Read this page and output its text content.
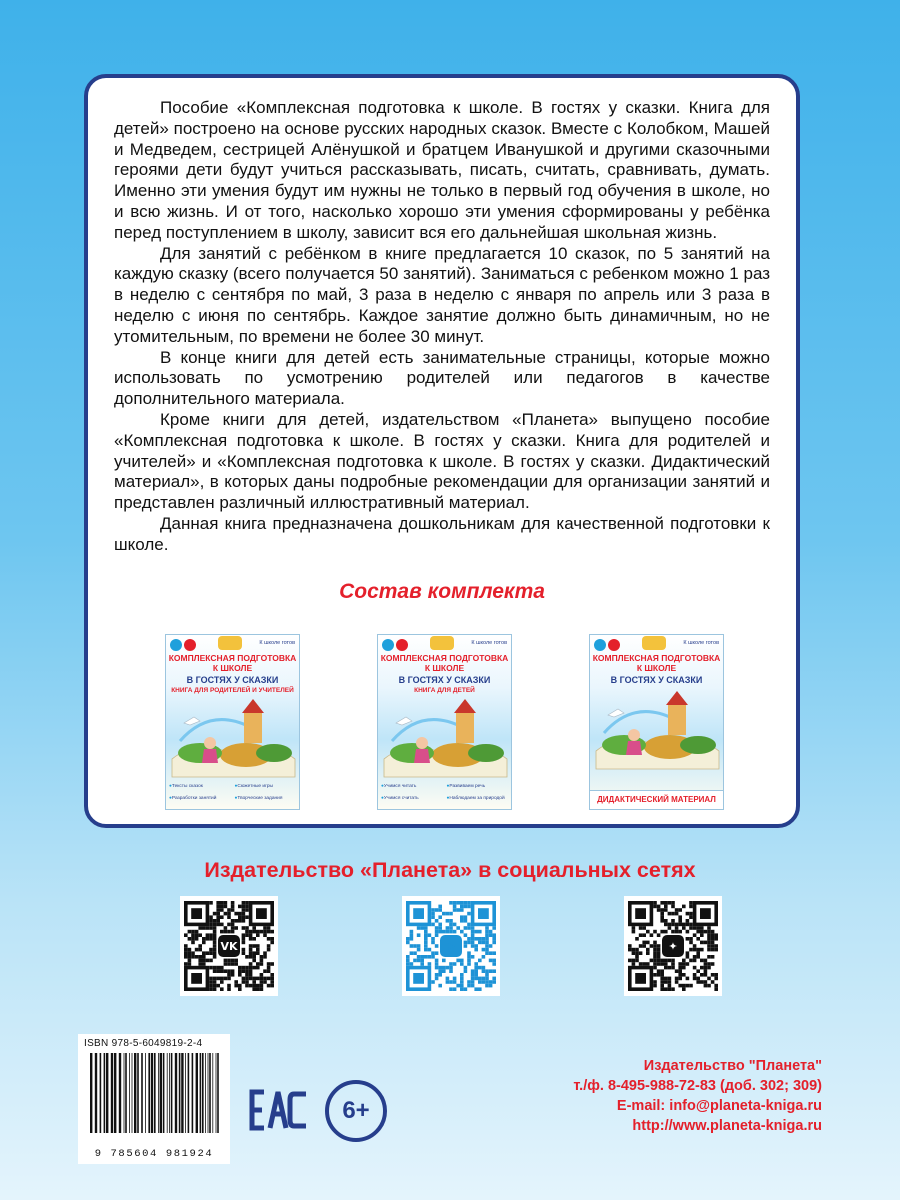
Пособие «Комплексная подготовка к школе. В гостях у сказки. Книга для детей» построено на основе русских народных сказок. Вместе с Колобком, Машей и Медведем, сестрицей Алёнушкой и братцем Иванушкой и другими сказочными героями дети будут учиться рассказывать, писать, считать, сравнивать, думать. Именно эти умения будут им нужны не только в первый год обучения в школе, но и всю жизнь. И от того, насколько хорошо эти умения сформированы у ребёнка перед поступлением в школу, зависит вся его дальнейшая школьная жизнь.

Для занятий с ребёнком в книге предлагается 10 сказок, по 5 занятий на каждую сказку (всего получается 50 занятий). Заниматься с ребенком можно 1 раз в неделю с сентября по май, 3 раза в неделю с января по апрель или 3 раза в неделю с июня по сентябрь. Каждое занятие должно быть динамичным, но не утомительным, по времени не более 30 минут.

В конце книги для детей есть занимательные страницы, которые можно использовать по усмотрению родителей или педагогов в качестве дополнительного материала.

Кроме книги для детей, издательством «Планета» выпущено пособие «Комплексная подготовка к школе. В гостях у сказки. Книга для родителей и учителей» и «Комплексная подготовка к школе. В гостях у сказки. Дидактический материал», в которых даны подробные рекомендации для организации занятий и представлен различный иллюстративный материал.

Данная книга предназначена дошкольникам для качественной подготовки к школе.

Состав комплекта

К школе готов
КОМПЛЕКСНАЯ ПОДГОТОВКА К ШКОЛЕ
В ГОСТЯХ У СКАЗКИ
КНИГА ДЛЯ РОДИТЕЛЕЙ И УЧИТЕЛЕЙ
● Тексты сказок	● Сюжетные игры
● Разработки занятий	● Творческие задания
К школе готов
КОМПЛЕКСНАЯ ПОДГОТОВКА К ШКОЛЕ
В ГОСТЯХ У СКАЗКИ
КНИГА ДЛЯ ДЕТЕЙ
● Учимся читать	● Развиваем речь
● Учимся считать	● Наблюдаем за природой
К школе готов
КОМПЛЕКСНАЯ ПОДГОТОВКА К ШКОЛЕ
В ГОСТЯХ У СКАЗКИ
ДИДАКТИЧЕСКИЙ МАТЕРИАЛ

Издательство «Планета» в социальных сетях

VK	➤	✦
ISBN 978-5-6049819-2-4
9 785604 981924
6+
Издательство "Планета"
т./ф. 8-495-988-72-83 (доб. 302; 309)
E-mail: info@planeta-kniga.ru
http://www.planeta-kniga.ru
